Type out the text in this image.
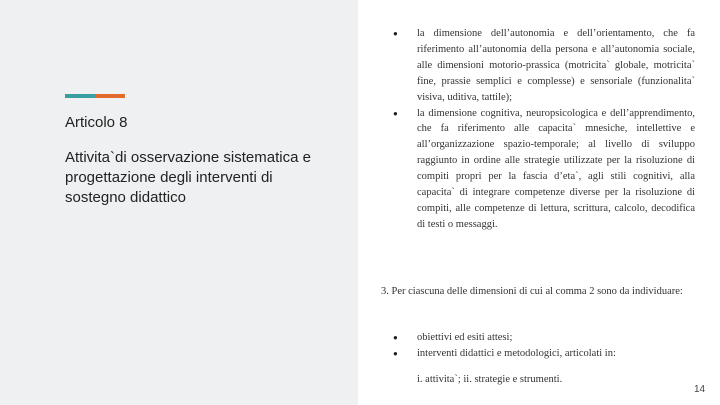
Articolo 8
Attivita`di osservazione sistematica e progettazione degli interventi di sostegno didattico
● la dimensione dell’autonomia e dell’orientamento, che fa riferimento all’autonomia della persona e all’autonomia sociale, alle dimensioni motorio-prassica (motricita` globale, motricita` fine, prassie semplici e complesse) e sensoriale (funzionalita` visiva, uditiva, tattile);
● la dimensione cognitiva, neuropsicologica e dell’apprendimento, che fa riferimento alle capacita` mnesiche, intellettive e all’organizzazione spazio-temporale; al livello di sviluppo raggiunto in ordine alle strategie utilizzate per la risoluzione di compiti propri per la fascia d’eta`, agli stili cognitivi, alla capacita` di integrare competenze diverse per la risoluzione di compiti, alle competenze di lettura, scrittura, calcolo, decodifica di testi o messaggi.
3. Per ciascuna delle dimensioni di cui al comma 2 sono da individuare:
● obiettivi ed esiti attesi;
● interventi didattici e metodologici, articolati in:
i. attivita`; ii. strategie e strumenti.
14
